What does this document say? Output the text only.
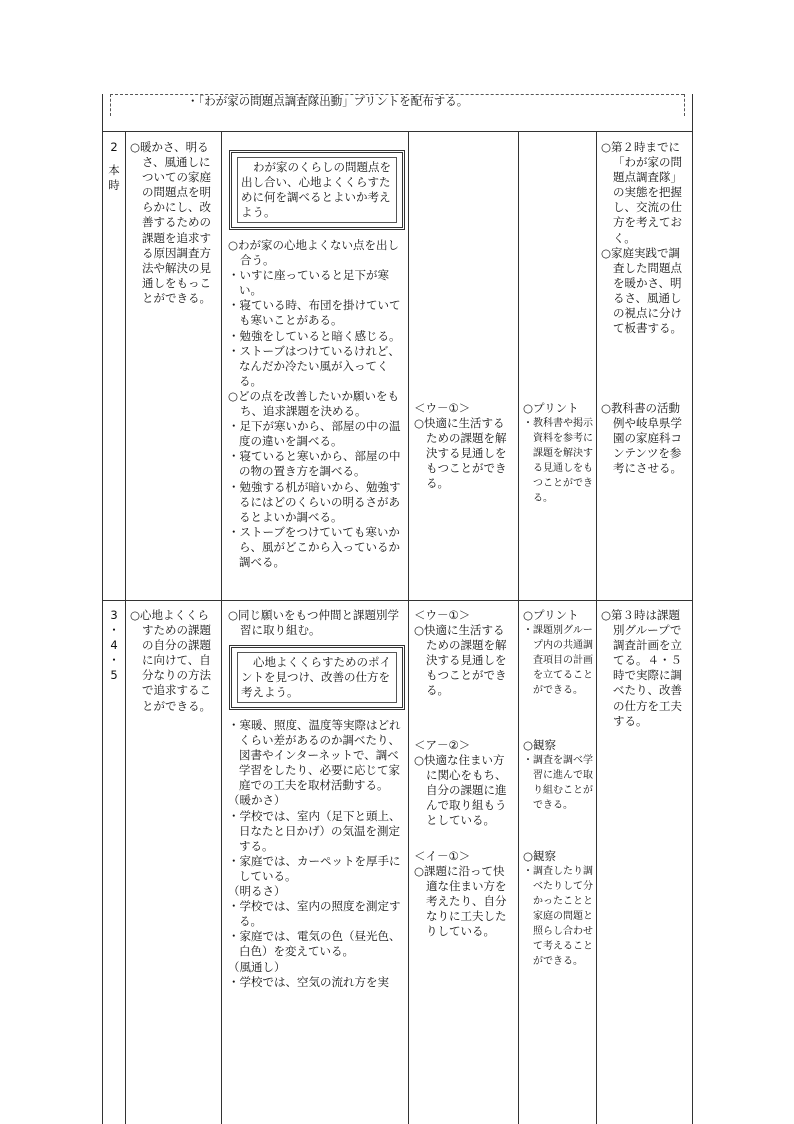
・「わが家の問題点調査隊出動」プリントを配布する。
2
本
時

○暖かさ、明るさ、風通しについての家庭の問題点を明らかにし、改善するための課題を追求する原因調査方法や解決の見通しをもっことができる。

わが家のくらしの問題点を出し合い、心地よくくらすために何を調べるとよいか考えよう。
○わが家の心地よくない点を出し合う。
・いすに座っていると足下が寒い。
・寝ている時、布団を掛けていても寒いことがある。
・勉強をしていると暗く感じる。
・ストーブはつけているけれど、なんだか冷たい風が入ってくる。
○どの点を改善したいか願いをもち、追求課題を決める。
・足下が寒いから、部屋の中の温度の違いを調べる。
・寝ていると寒いから、部屋の中の物の置き方を調べる。
・勉強する机が暗いから、勉強するにはどのくらいの明るさがあるとよいか調べる。
・ストーブをつけていても寒いから、風がどこから入っているか調べる。
＜ウ－①＞
○快適に生活するための課題を解決する見通しをもつことができる。
○プリント
・教科書や掲示資料を参考に課題を解決する見通しをもつことができる。
○第２時までに「わが家の問題点調査隊」の実態を把握し、交流の仕方を考えておく。
○家庭実践で調査した問題点を暖かさ、明るさ、風通しの視点に分けて板書する。
○教科書の活動例や岐阜県学園の家庭科コンテンツを参考にさせる。
3
・
4
・
5

○心地よくくらすための課題の自分の課題に向けて、自分なりの方法で追求することができる。

○同じ願いをもつ仲間と課題別学習に取り組む。
心地よくくらすためのポイントを見つけ、改善の仕方を考えよう。
・寒暖、照度、温度等実際はどれくらい差があるのか調べたり、図書やインターネットで、調べ学習をしたり、必要に応じて家庭での工夫を取材活動する。
（暖かさ）
・学校では、室内（足下と頭上、日なたと日かげ）の気温を測定する。
・家庭では、カーペットを厚手にしている。
（明るさ）
・学校では、室内の照度を測定する。
・家庭では、電気の色（昼光色、白色）を変えている。
（風通し）
・学校では、空気の流れ方を実
＜ウ－①＞
○快適に生活するための課題を解決する見通しをもつことができる。
＜ア－②＞
○快適な住まい方に関心をもち、自分の課題に進んで取り組もうとしている。
＜イ－①＞
○課題に沿って快適な住まい方を考えたり、自分なりに工夫したりしている。
○プリント
・課題別グループ内の共通調査項目の計画を立てることができる。
○観察
・調査を調べ学習に進んで取り組むことができる。
○観察
・調査したり調べたりして分かったことと家庭の問題と照らし合わせて考えることができる。
○第３時は課題別グループで調査計画を立てる。４・５時で実際に調べたり、改善の仕方を工夫する。
